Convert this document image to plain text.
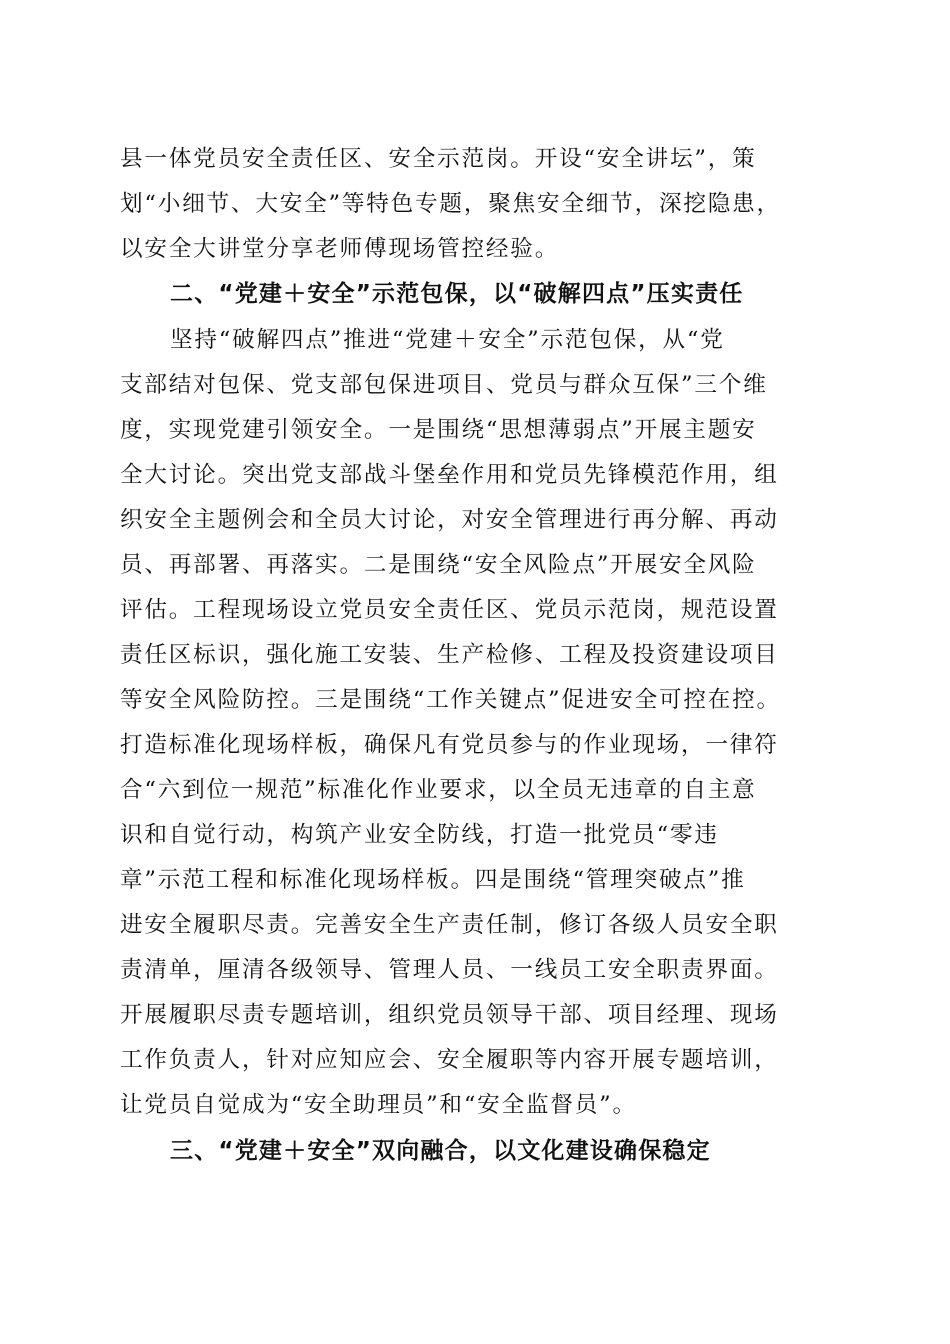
县一体党员安全责任区、安全示范岗。开设“安全讲坛”，策
划“小细节、大安全”等特色专题，聚焦安全细节，深挖隐患，
以安全大讲堂分享老师傅现场管控经验。
二、“党建＋安全”示范包保，以“破解四点”压实责任
坚持“破解四点”推进“党建＋安全”示范包保，从“党
支部结对包保、党支部包保进项目、党员与群众互保”三个维
度，实现党建引领安全。一是围绕“思想薄弱点”开展主题安
全大讨论。突出党支部战斗堡垒作用和党员先锋模范作用，组
织安全主题例会和全员大讨论，对安全管理进行再分解、再动
员、再部署、再落实。二是围绕“安全风险点”开展安全风险
评估。工程现场设立党员安全责任区、党员示范岗，规范设置
责任区标识，强化施工安装、生产检修、工程及投资建设项目
等安全风险防控。三是围绕“工作关键点”促进安全可控在控。
打造标准化现场样板，确保凡有党员参与的作业现场，一律符
合“六到位一规范”标准化作业要求，以全员无违章的自主意
识和自觉行动，构筑产业安全防线，打造一批党员“零违
章”示范工程和标准化现场样板。四是围绕“管理突破点”推
进安全履职尽责。完善安全生产责任制，修订各级人员安全职
责清单，厘清各级领导、管理人员、一线员工安全职责界面。
开展履职尽责专题培训，组织党员领导干部、项目经理、现场
工作负责人，针对应知应会、安全履职等内容开展专题培训，
让党员自觉成为“安全助理员”和“安全监督员”。
三、“党建＋安全”双向融合，以文化建设确保稳定
